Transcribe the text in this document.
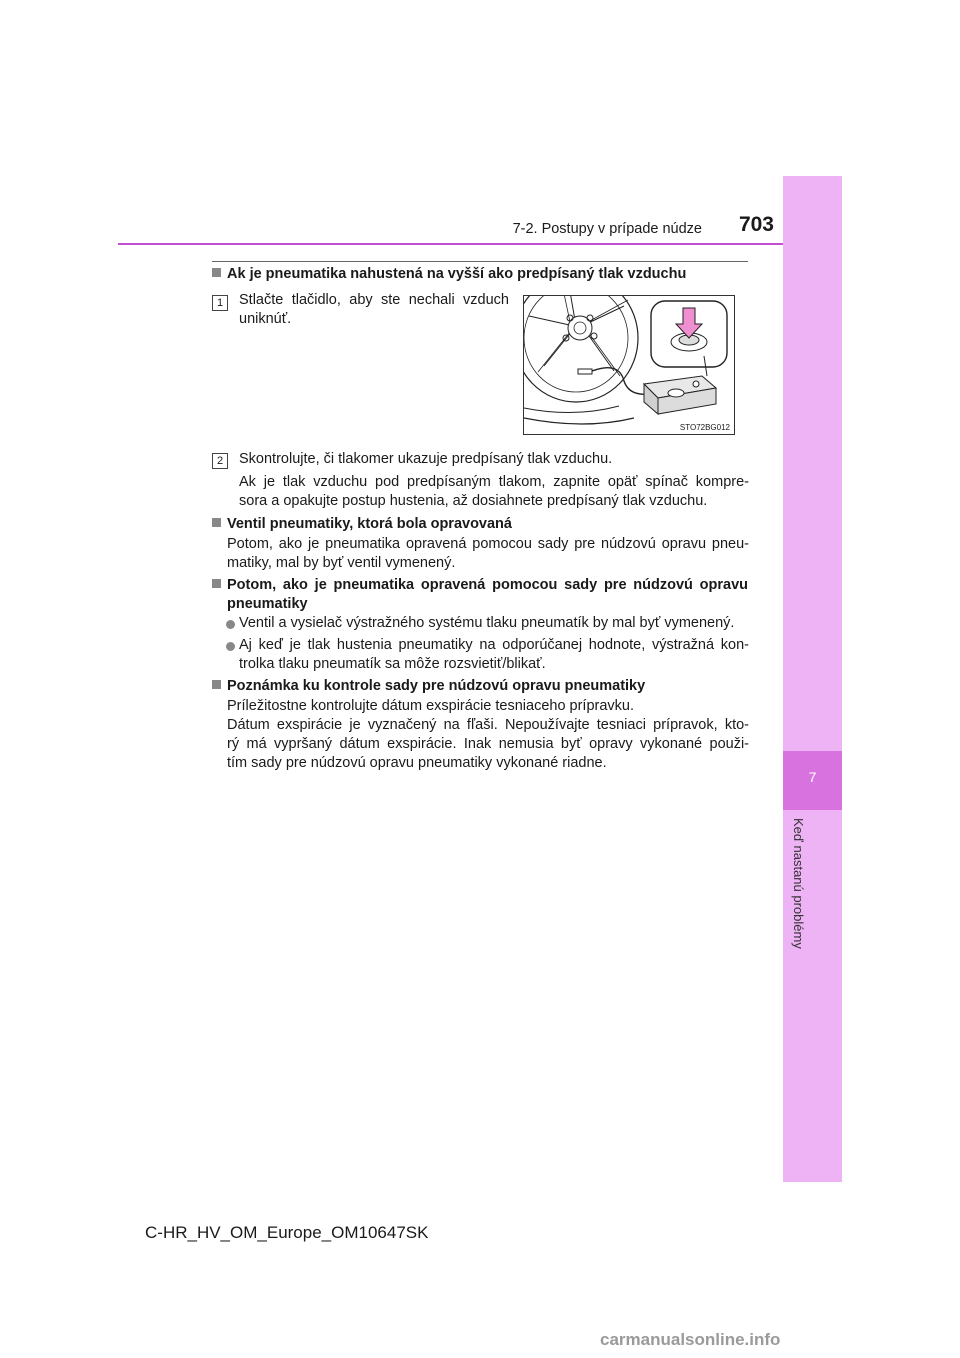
7
Keď nastanú problémy
7-2. Postupy v prípade núdze	703
Ak je pneumatika nahustená na vyšší ako predpísaný tlak vzduchu
1	Stlačte tlačidlo, aby ste nechali vzduch
uniknúť.
STO72BG012
2	Skontrolujte, či tlakomer ukazuje predpísaný tlak vzduchu.
Ak je tlak vzduchu pod predpísaným tlakom, zapnite opäť spínač kompre-
sora a opakujte postup hustenia, až dosiahnete predpísaný tlak vzduchu.
Ventil pneumatiky, ktorá bola opravovaná
Potom, ako je pneumatika opravená pomocou sady pre núdzovú opravu pneu-
matiky, mal by byť ventil vymenený.
Potom, ako je pneumatika opravená pomocou sady pre núdzovú opravu
pneumatiky
Ventil a vysielač výstražného systému tlaku pneumatík by mal byť vymenený.
Aj keď je tlak hustenia pneumatiky na odporúčanej hodnote, výstražná kon-
trolka tlaku pneumatík sa môže rozsvietiť/blikať.
Poznámka ku kontrole sady pre núdzovú opravu pneumatiky
Príležitostne kontrolujte dátum exspirácie tesniaceho prípravku.
Dátum exspirácie je vyznačený na fľaši. Nepoužívajte tesniaci prípravok, kto-
rý má vypršaný dátum exspirácie. Inak nemusia byť opravy vykonané použi-
tím sady pre núdzovú opravu pneumatiky vykonané riadne.
C-HR_HV_OM_Europe_OM10647SK
carmanualsonline.info
